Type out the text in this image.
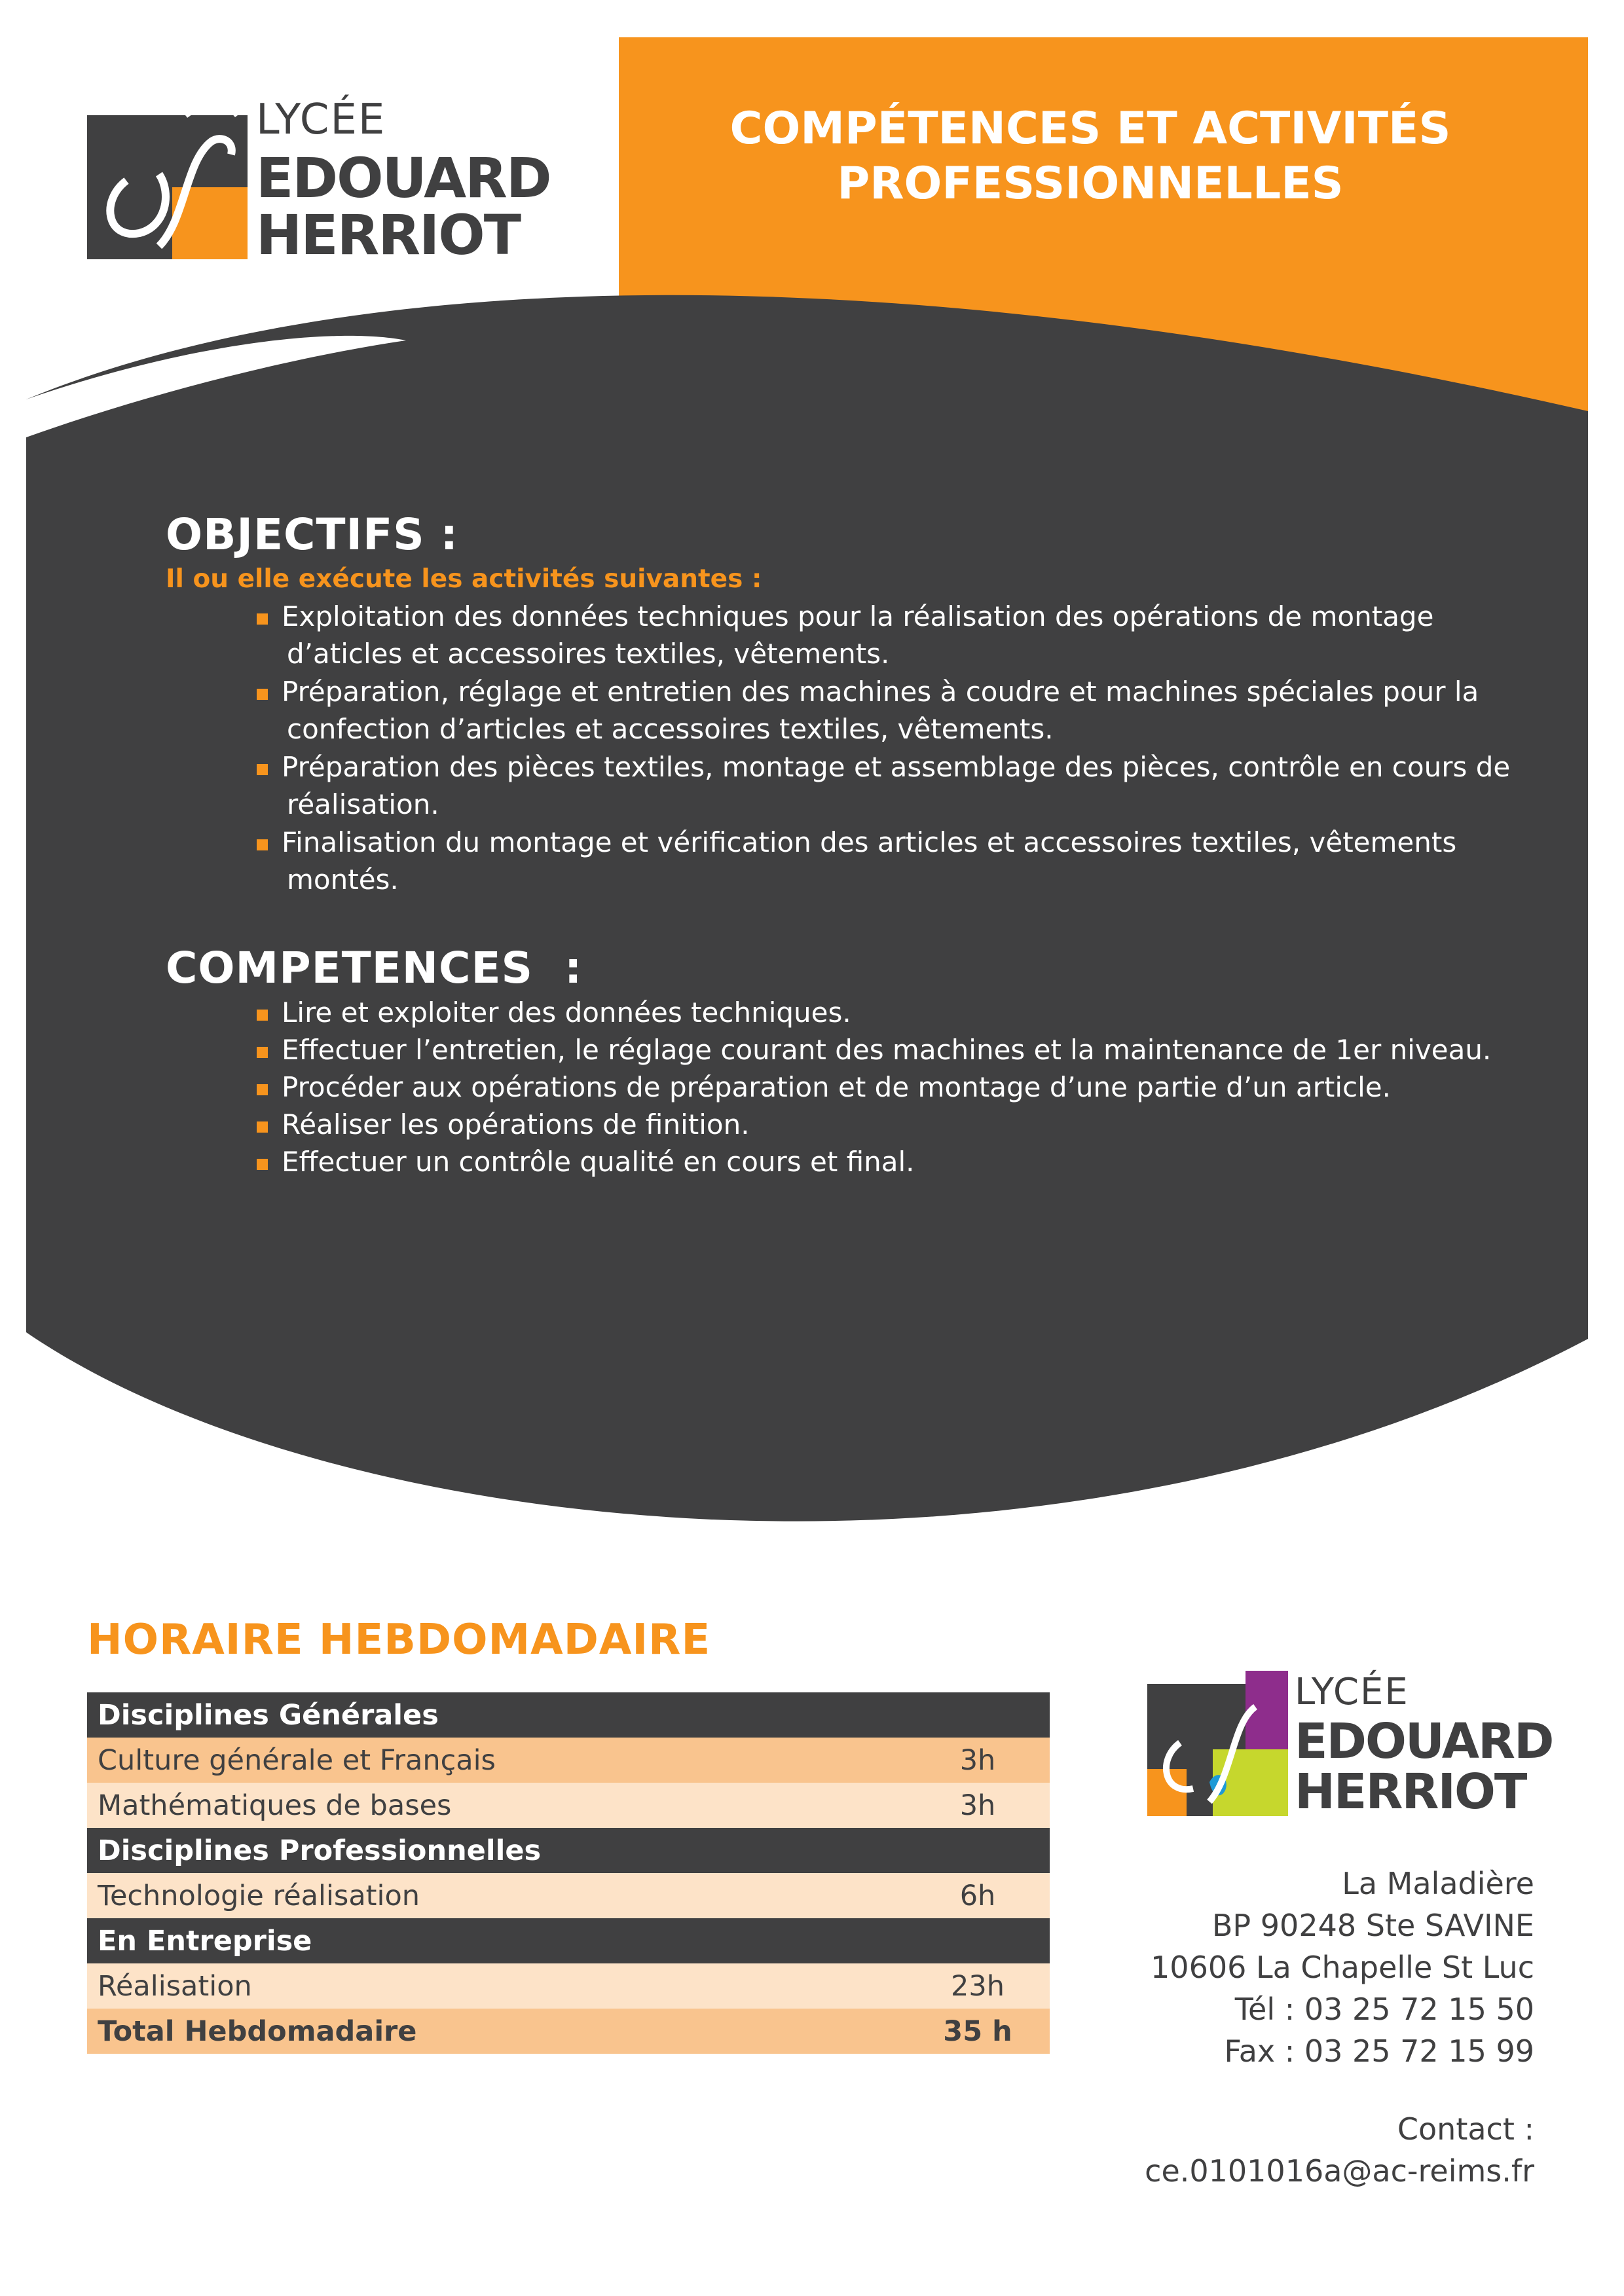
LYCÉE
EDOUARD
HERRIOT
COMPÉTENCES ET ACTIVITÉS
PROFESSIONNELLES
OBJECTIFS :
Il ou elle exécute les activités suivantes :
Exploitation des données techniques pour la réalisation des opérations de montage
d’aticles et accessoires textiles, vêtements.
Préparation, réglage et entretien des machines à coudre et machines spéciales pour la
confection d’articles et accessoires textiles, vêtements.
Préparation des pièces textiles, montage et assemblage des pièces, contrôle en cours de
réalisation.
Finalisation du montage et vérification des articles et accessoires textiles, vêtements
montés.
COMPETENCES  :
Lire et exploiter des données techniques.
Effectuer l’entretien, le réglage courant des machines et la maintenance de 1er niveau.
Procéder aux opérations de préparation et de montage d’une partie d’un article.
Réaliser les opérations de finition.
Effectuer un contrôle qualité en cours et final.
HORAIRE HEBDOMADAIRE
Disciplines Générales	
Culture générale et Français	3h
Mathématiques de bases	3h
Disciplines Professionnelles	
Technologie réalisation	6h
En Entreprise	
Réalisation	23h
Total Hebdomadaire	35 h
LYCÉE
EDOUARD
HERRIOT
La Maladière
BP 90248 Ste SAVINE
10606 La Chapelle St Luc
Tél : 03 25 72 15 50
Fax : 03 25 72 15 99
Contact :
ce.0101016a@ac-reims.fr
